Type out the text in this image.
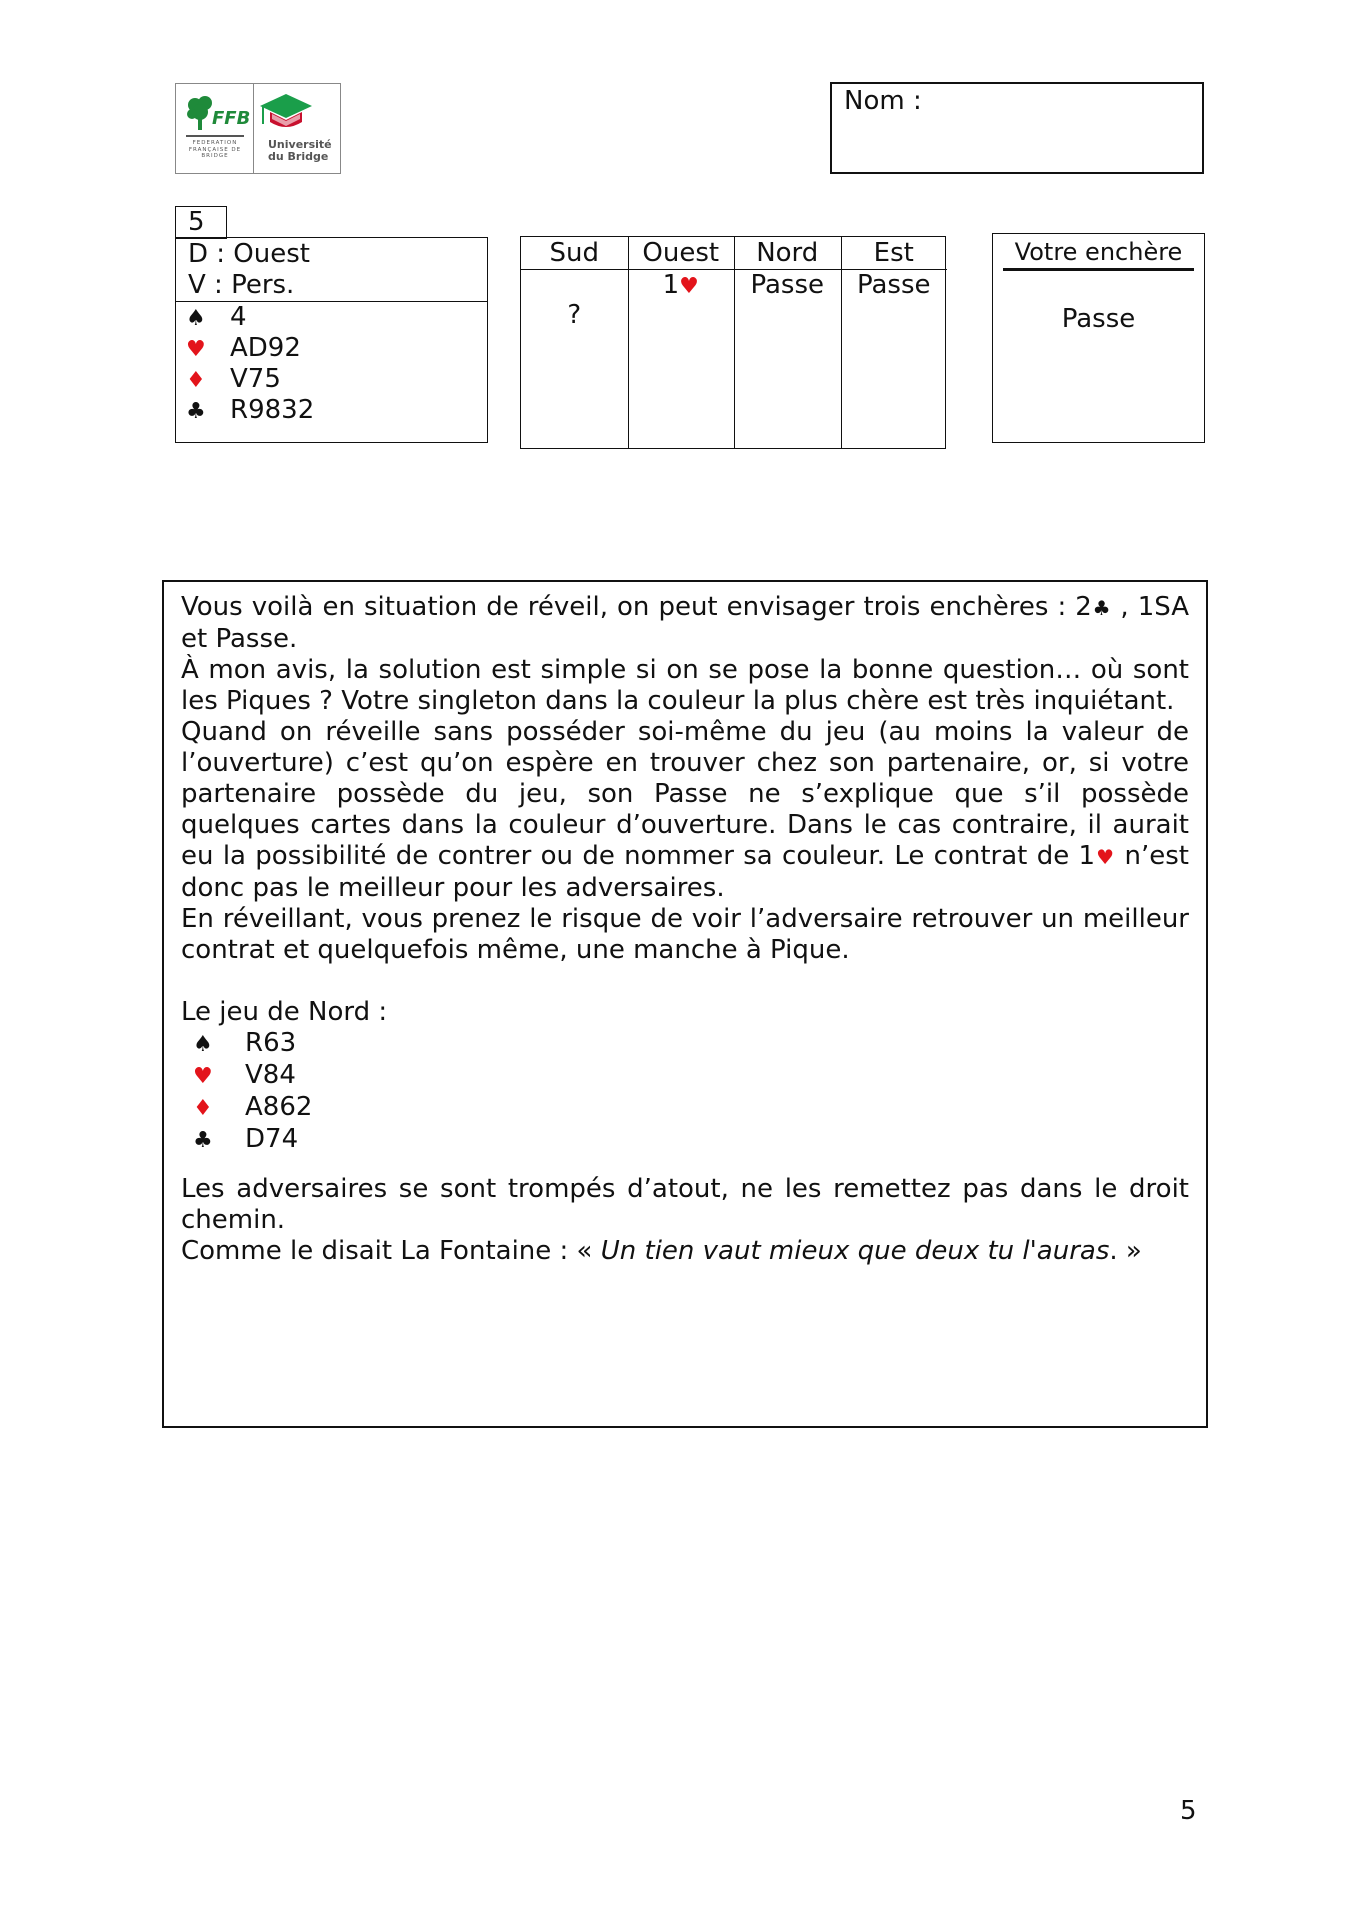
FFB
FEDERATION FRANÇAISE DE BRIDGE
Université du Bridge
Nom :
5
D : Ouest
V : Pers.
♠ 4
♥ AD92
♦ V75
♣ R9832
Sud
?
Ouest
1♥
Nord
Passe
Est
Passe
Votre enchère
Passe

Vous voilà en situation de réveil, on peut envisager trois enchères : 2♣ , 1SA et Passe.

À mon avis, la solution est simple si on se pose la bonne question… où sont les Piques ? Votre singleton dans la couleur la plus chère est très inquiétant.

Quand on réveille sans posséder soi-même du jeu (au moins la valeur de l’ouverture) c’est qu’on espère en trouver chez son partenaire, or, si votre partenaire possède du jeu, son Passe ne s’explique que s’il possède quelques cartes dans la couleur d’ouverture. Dans le cas contraire, il aurait eu la possibilité de contrer ou de nommer sa couleur. Le contrat de 1♥ n’est donc pas le meilleur pour les adversaires.

En réveillant, vous prenez le risque de voir l’adversaire retrouver un meilleur contrat et quelquefois même, une manche à Pique.

Le jeu de Nord :

♠ R63
♥ V84
♦ A862
♣ D74

Les adversaires se sont trompés d’atout, ne les remettez pas dans le droit chemin.

Comme le disait La Fontaine : « Un tien vaut mieux que deux tu l'auras. »

5
